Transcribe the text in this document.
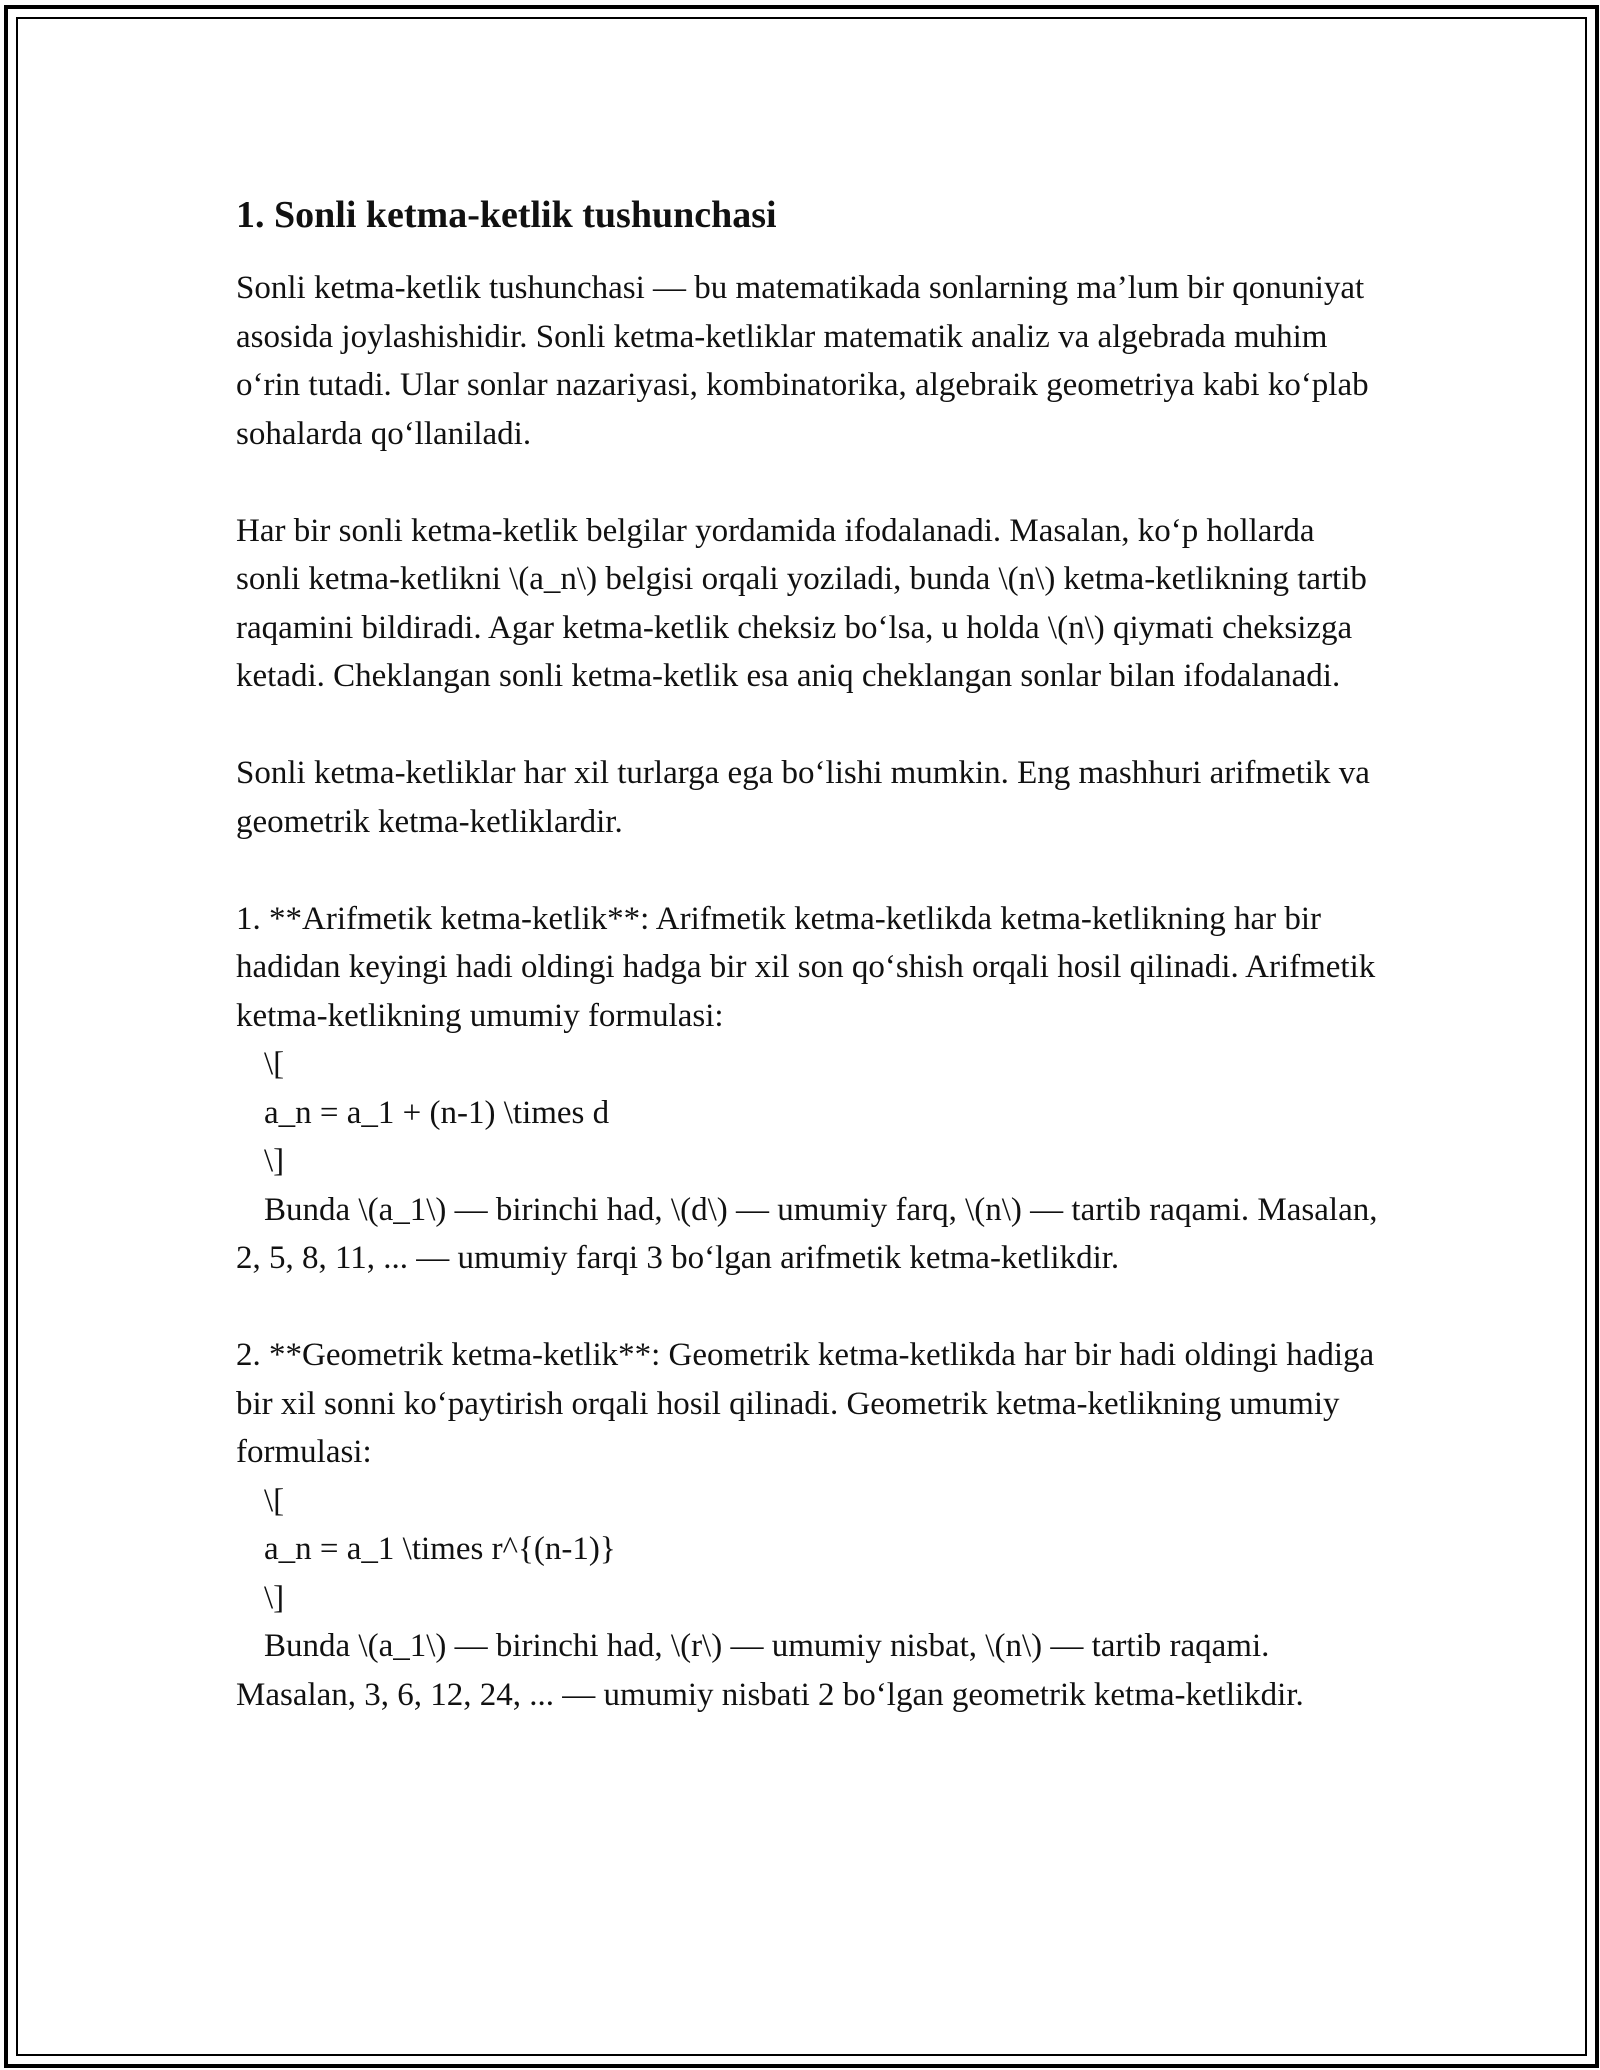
1. Sonli ketma-ketlik tushunchasi

Sonli ketma-ketlik tushunchasi — bu matematikada sonlarning ma’lum bir qonuniyat asosida joylashishidir. Sonli ketma-ketliklar matematik analiz va algebrada muhim oʻrin tutadi. Ular sonlar nazariyasi, kombinatorika, algebraik geometriya kabi koʻplab sohalarda qoʻllaniladi.

Har bir sonli ketma-ketlik belgilar yordamida ifodalanadi. Masalan, koʻp hollarda sonli ketma-ketlikni \(a_n\) belgisi orqali yoziladi, bunda \(n\) ketma-ketlikning tartib raqamini bildiradi. Agar ketma-ketlik cheksiz boʻlsa, u holda \(n\) qiymati cheksizga ketadi. Cheklangan sonli ketma-ketlik esa aniq cheklangan sonlar bilan ifodalanadi.

Sonli ketma-ketliklar har xil turlarga ega boʻlishi mumkin. Eng mashhuri arifmetik va geometrik ketma-ketliklardir.

1. **Arifmetik ketma-ketlik**: Arifmetik ketma-ketlikda ketma-ketlikning har bir hadidan keyingi hadi oldingi hadga bir xil son qoʻshish orqali hosil qilinadi. Arifmetik ketma-ketlikning umumiy formulasi:

\[
a_n = a_1 + (n-1) \times d
\]

Bunda \(a_1\) — birinchi had, \(d\) — umumiy farq, \(n\) — tartib raqami. Masalan, 2, 5, 8, 11, ... — umumiy farqi 3 boʻlgan arifmetik ketma-ketlikdir.

2. **Geometrik ketma-ketlik**: Geometrik ketma-ketlikda har bir hadi oldingi hadiga bir xil sonni koʻpaytirish orqali hosil qilinadi. Geometrik ketma-ketlikning umumiy formulasi:

\[
a_n = a_1 \times r^{(n-1)}
\]

Bunda \(a_1\) — birinchi had, \(r\) — umumiy nisbat, \(n\) — tartib raqami. Masalan, 3, 6, 12, 24, ... — umumiy nisbati 2 boʻlgan geometrik ketma-ketlikdir.
